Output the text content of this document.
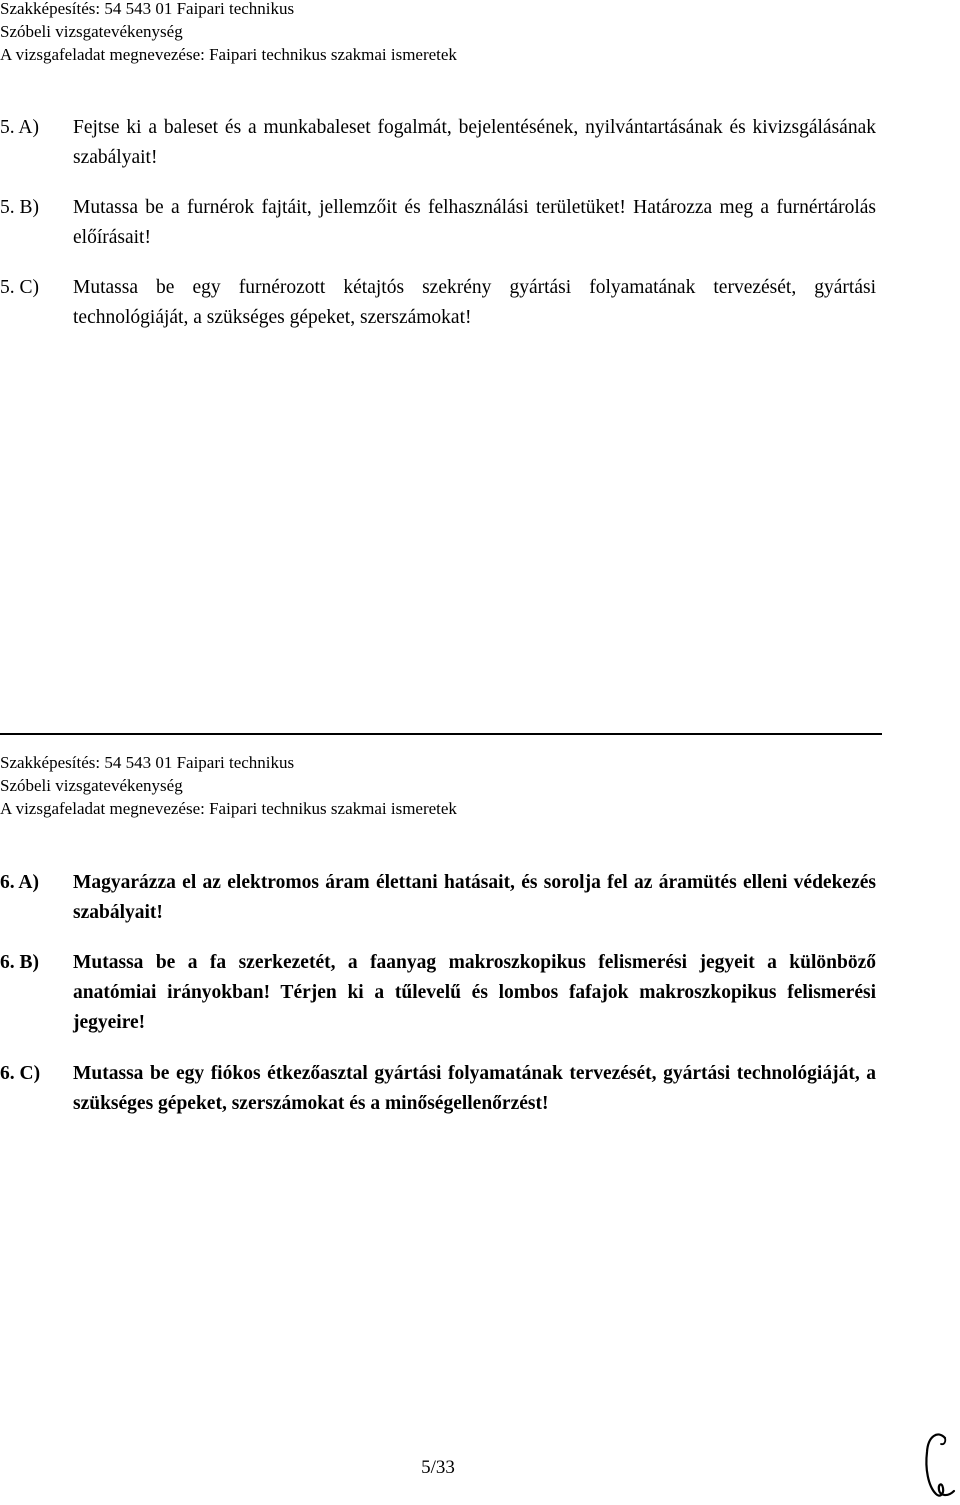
Szakképesítés: 54 543 01 Faipari technikus
Szóbeli vizsgatevékenység
A vizsgafeladat megnevezése: Faipari technikus szakmai ismeretek
5. A) Fejtse ki a baleset és a munkabaleset fogalmát, bejelentésének, nyilvántartásának és kivizsgálásának szabályait!
5. B) Mutassa be a furnérok fajtáit, jellemzőit és felhasználási területüket! Határozza meg a furnértárolás előírásait!
5. C) Mutassa be egy furnérozott kétajtós szekrény gyártási folyamatának tervezését, gyártási technológiáját, a szükséges gépeket, szerszámokat!
Szakképesítés: 54 543 01 Faipari technikus
Szóbeli vizsgatevékenység
A vizsgafeladat megnevezése: Faipari technikus szakmai ismeretek
6. A) Magyarázza el az elektromos áram élettani hatásait, és sorolja fel az áramütés elleni védekezés szabályait!
6. B) Mutassa be a fa szerkezetét, a faanyag makroszkopikus felismerési jegyeit a különböző anatómiai irányokban! Térjen ki a tűlevelű és lombos fafajok makroszkopikus felismerési jegyeire!
6. C) Mutassa be egy fiókos étkezőasztal gyártási folyamatának tervezését, gyártási technológiáját, a szükséges gépeket, szerszámokat és a minőségellenőrzést!
5/33
